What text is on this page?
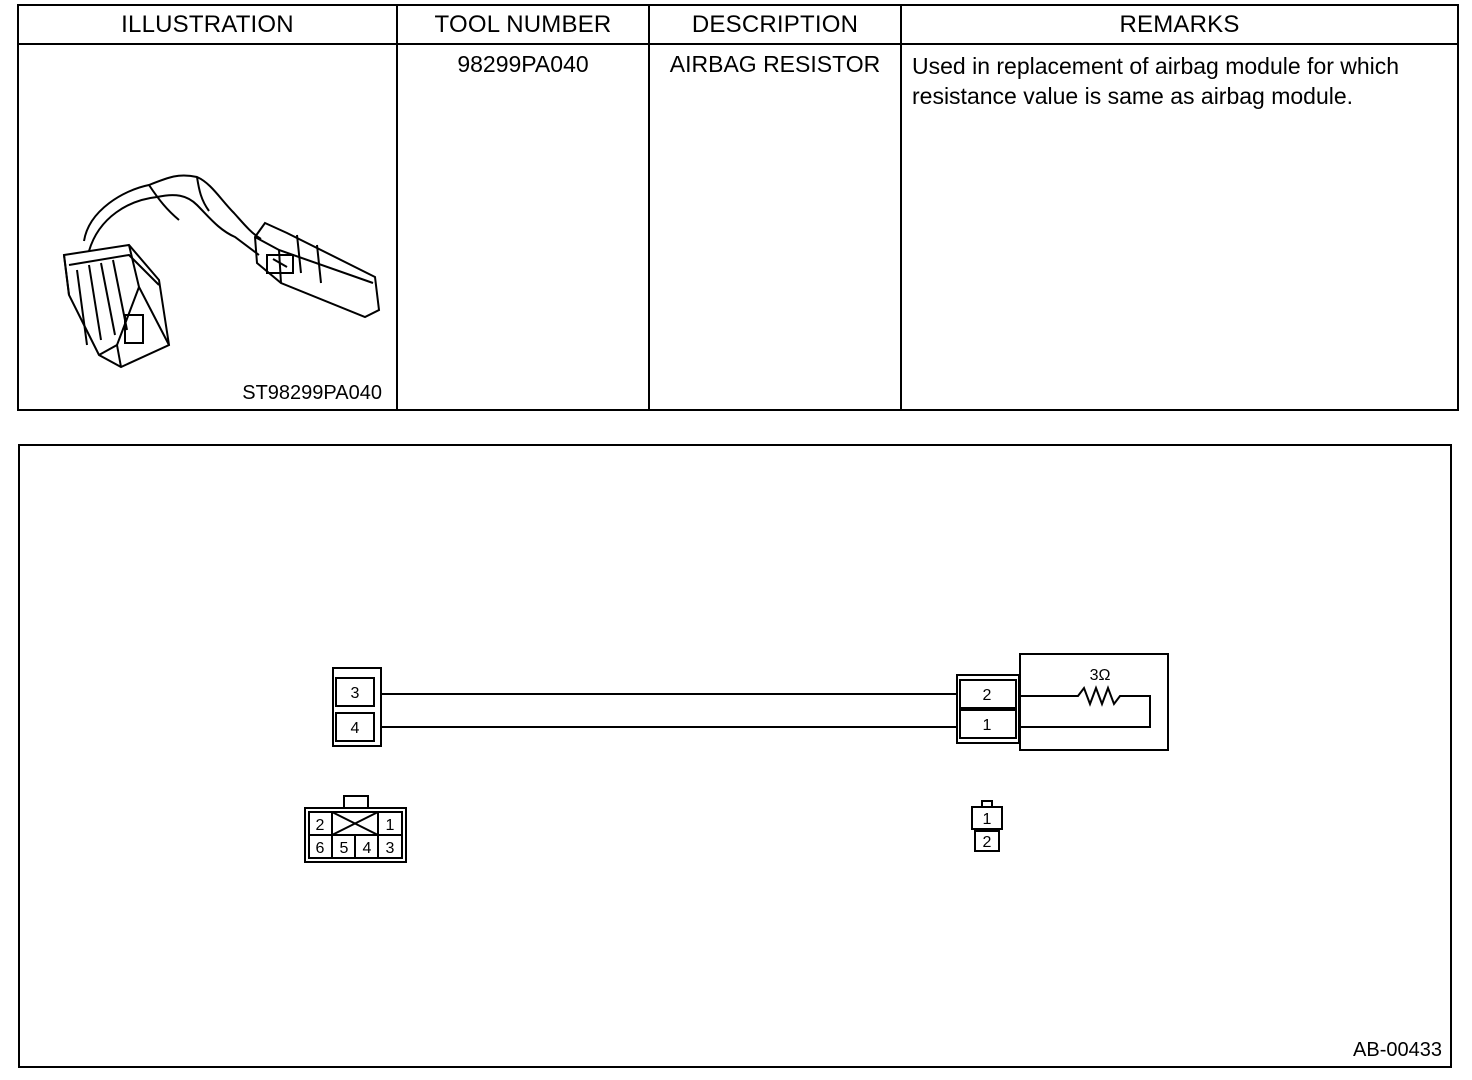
ILLUSTRATION	TOOL NUMBER	DESCRIPTION	REMARKS

ST98299PA040	98299PA040	AIRBAG RESISTOR	Used in replacement of airbag module for which resistance value is same as airbag module.
3
4
2
1
3Ω
2	1
6 5 4 3
1
2
AB-00433
